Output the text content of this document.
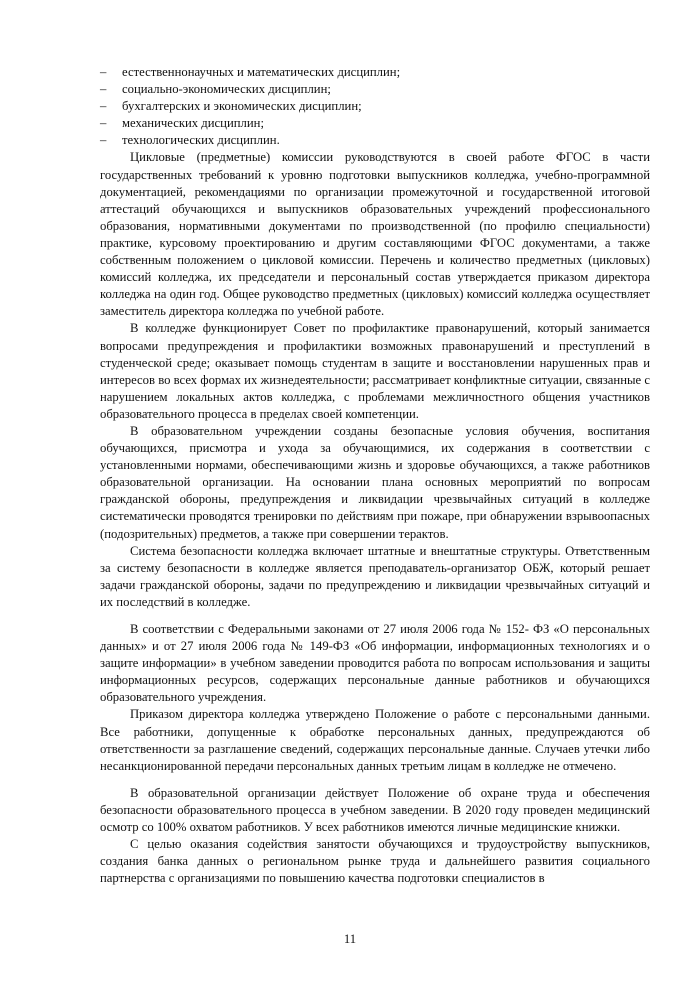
– естественнонаучных и математических дисциплин;
– социально-экономических дисциплин;
– бухгалтерских и экономических дисциплин;
– механических дисциплин;
– технологических дисциплин.

Цикловые (предметные) комиссии руководствуются в своей работе ФГОС в части государственных требований к уровню подготовки выпускников колледжа, учебно-программной документацией, рекомендациями по организации промежуточной и государственной итоговой аттестаций обучающихся и выпускников образовательных учреждений профессионального образования, нормативными документами по производственной (по профилю специальности) практике, курсовому проектированию и другим составляющими ФГОС документами, а также собственным положением о цикловой комиссии. Перечень и количество предметных (цикловых) комиссий колледжа, их председатели и персональный состав утверждается приказом директора колледжа на один год. Общее руководство предметных (цикловых) комиссий колледжа осуществляет заместитель директора колледжа по учебной работе.

В колледже функционирует Совет по профилактике правонарушений, который занимается вопросами предупреждения и профилактики возможных правонарушений и преступлений в студенческой среде; оказывает помощь студентам в защите и восстановлении нарушенных прав и интересов во всех формах их жизнедеятельности; рассматривает конфликтные ситуации, связанные с нарушением локальных актов колледжа, с проблемами межличностного общения участников образовательного процесса в пределах своей компетенции.

В образовательном учреждении созданы безопасные условия обучения, воспитания обучающихся, присмотра и ухода за обучающимися, их содержания в соответствии с установленными нормами, обеспечивающими жизнь и здоровье обучающихся, а также работников образовательной организации. На основании плана основных мероприятий по вопросам гражданской обороны, предупреждения и ликвидации чрезвычайных ситуаций в колледже систематически проводятся тренировки по действиям при пожаре, при обнаружении взрывоопасных (подозрительных) предметов, а также при совершении терактов.

Система безопасности колледжа включает штатные и внештатные структуры. Ответственным за систему безопасности в колледже является преподаватель-организатор ОБЖ, который решает задачи гражданской обороны, задачи по предупреждению и ликвидации чрезвычайных ситуаций и их последствий в колледже.

В соответствии с Федеральными законами от 27 июля 2006 года № 152- ФЗ «О персональных данных» и от 27 июля 2006 года № 149-ФЗ «Об информации, информационных технологиях и о защите информации» в учебном заведении проводится работа по вопросам использования и защиты информационных ресурсов, содержащих персональные данные работников и обучающихся образовательного учреждения.

Приказом директора колледжа утверждено Положение о работе с персональными данными. Все работники, допущенные к обработке персональных данных, предупреждаются об ответственности за разглашение сведений, содержащих персональные данные. Случаев утечки либо несанкционированной передачи персональных данных третьим лицам в колледже не отмечено.

В образовательной организации действует Положение об охране труда и обеспечения безопасности образовательного процесса в учебном заведении. В 2020 году проведен медицинский осмотр со 100% охватом работников. У всех работников имеются личные медицинские книжки.

С целью оказания содействия занятости обучающихся и трудоустройству выпускников, создания банка данных о региональном рынке труда и дальнейшего развития социального партнерства с организациями по повышению качества подготовки специалистов в

11
